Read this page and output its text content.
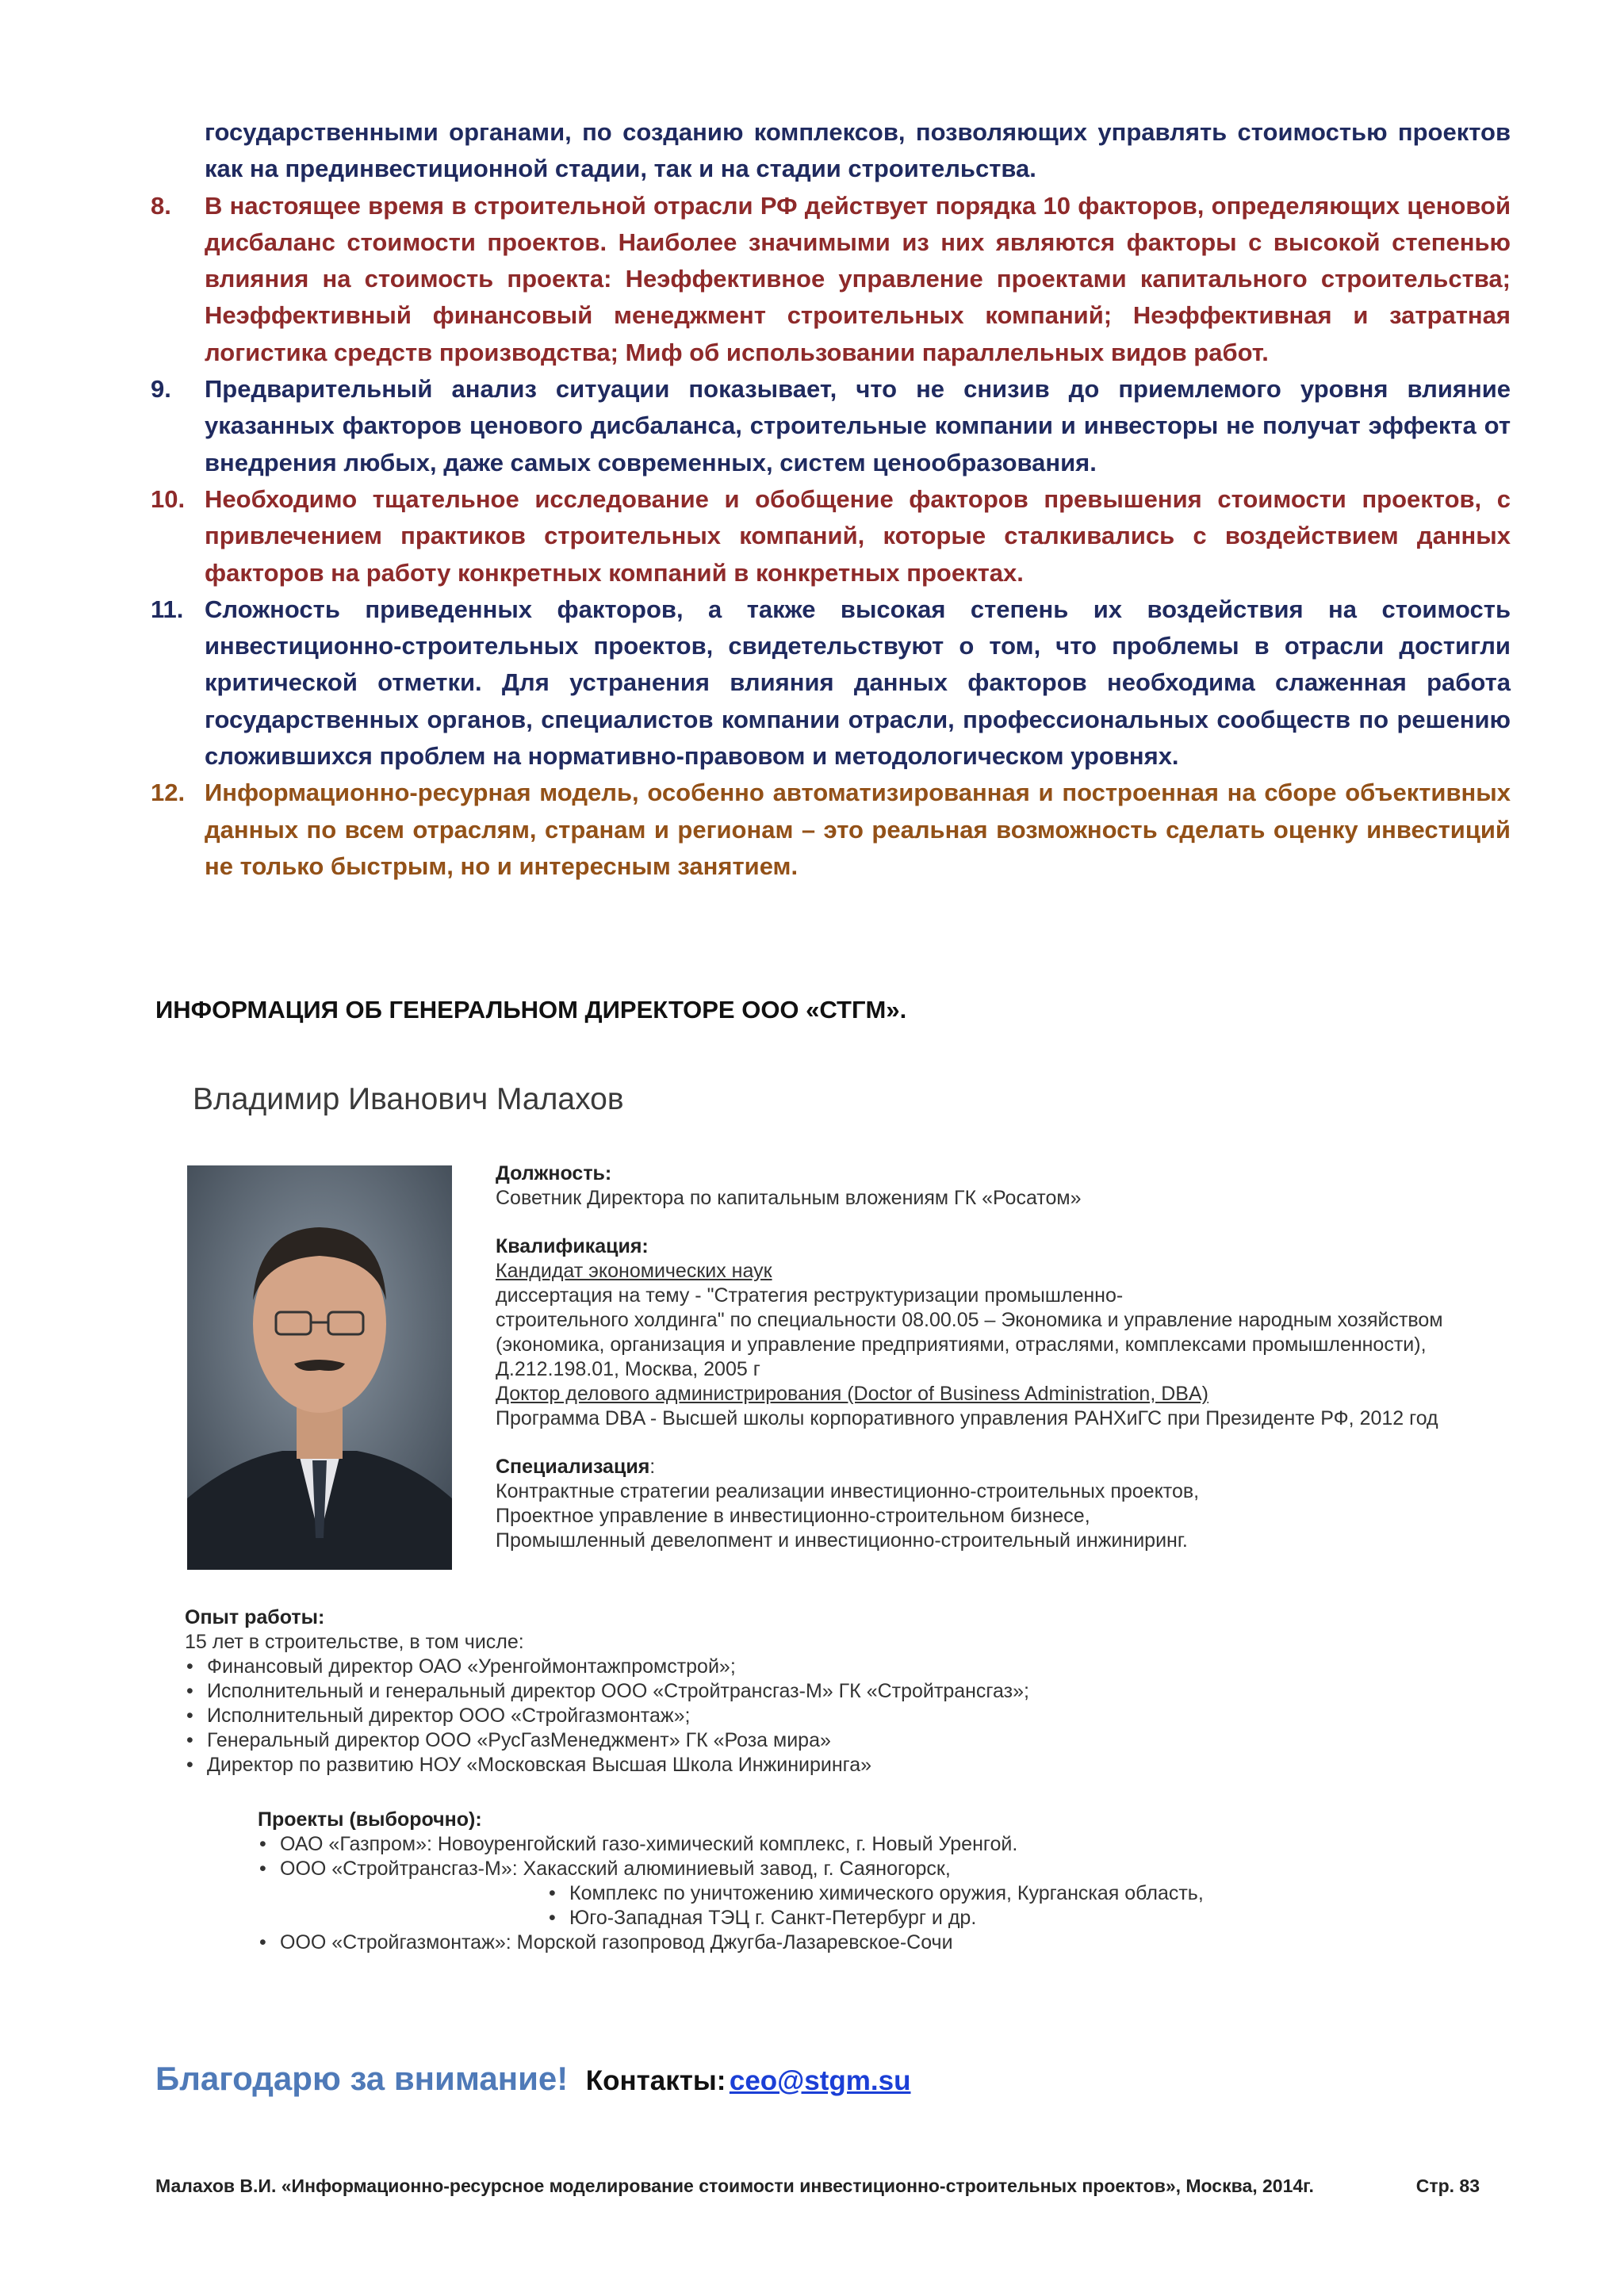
государственными органами, по созданию комплексов, позволяющих управлять стоимостью проектов как на прединвестиционной стадии, так и на стадии строительства.
8. В настоящее время в строительной отрасли РФ действует порядка 10 факторов, определяющих ценовой дисбаланс стоимости проектов. Наиболее значимыми из них являются факторы с высокой степенью влияния на стоимость проекта: Неэффективное управление проектами капитального строительства; Неэффективный финансовый менеджмент строительных компаний; Неэффективная и затратная логистика средств производства; Миф об использовании параллельных видов работ.
9. Предварительный анализ ситуации показывает, что не снизив до приемлемого уровня влияние указанных факторов ценового дисбаланса, строительные компании и инвесторы не получат эффекта от внедрения любых, даже самых современных, систем ценообразования.
10. Необходимо тщательное исследование и обобщение факторов превышения стоимости проектов, с привлечением практиков строительных компаний, которые сталкивались с воздействием данных факторов на работу конкретных компаний в конкретных проектах.
11. Сложность приведенных факторов, а также высокая степень их воздействия на стоимость инвестиционно-строительных проектов, свидетельствуют о том, что проблемы в отрасли достигли критической отметки. Для устранения влияния данных факторов необходима слаженная работа государственных органов, специалистов компании отрасли, профессиональных сообществ по решению сложившихся проблем на нормативно-правовом и методологическом уровнях.
12. Информационно-ресурная модель, особенно автоматизированная и построенная на сборе объективных данных по всем отраслям, странам и регионам – это реальная возможность сделать оценку инвестиций не только быстрым, но и интересным занятием.
ИНФОРМАЦИЯ ОБ ГЕНЕРАЛЬНОМ ДИРЕКТОРЕ ООО «СТГМ».
Владимир Иванович Малахов
Должность:
Советник Директора по капитальным вложениям ГК «Росатом»
Квалификация:
Кандидат экономических наук
диссертация на тему - "Стратегия реструктуризации промышленно-
строительного холдинга" по специальности 08.00.05 – Экономика и управление народным хозяйством
(экономика, организация и управление предприятиями, отраслями, комплексами промышленности),
Д.212.198.01, Москва, 2005 г
Доктор делового администрирования (Doctor of Business Administration, DBA)
Программа DBA - Высшей школы корпоративного управления РАНХиГС при Президенте РФ, 2012 год
Специализация:
Контрактные стратегии реализации инвестиционно-строительных проектов,
Проектное управление в инвестиционно-строительном бизнесе,
Промышленный девелопмент и инвестиционно-строительный инжиниринг.
Опыт работы:
15 лет в строительстве, в том числе:
• Финансовый директор ОАО «Уренгоймонтажпромстрой»;
• Исполнительный и генеральный директор ООО «Стройтрансгаз-М» ГК «Стройтрансгаз»;
• Исполнительный директор ООО «Стройгазмонтаж»;
• Генеральный директор ООО «РусГазМенеджмент» ГК «Роза мира»
• Директор по развитию НОУ «Московская Высшая Школа Инжиниринга»
Проекты (выборочно):
• ОАО «Газпром»: Новоуренгойский газо-химический комплекс, г. Новый Уренгой.
• ООО «Стройтрансгаз-М»: Хакасский алюминиевый завод, г. Саяногорск,
• Комплекс по уничтожению химического оружия, Курганская область,
• Юго-Западная ТЭЦ г. Санкт-Петербург и др.
• ООО «Стройгазмонтаж»: Морской газопровод Джугба-Лазаревское-Сочи
Благодарю за внимание! Контакты: ceo@stgm.su
Малахов В.И. «Информационно-ресурсное моделирование стоимости инвестиционно-строительных проектов», Москва, 2014г.	Стр. 83
